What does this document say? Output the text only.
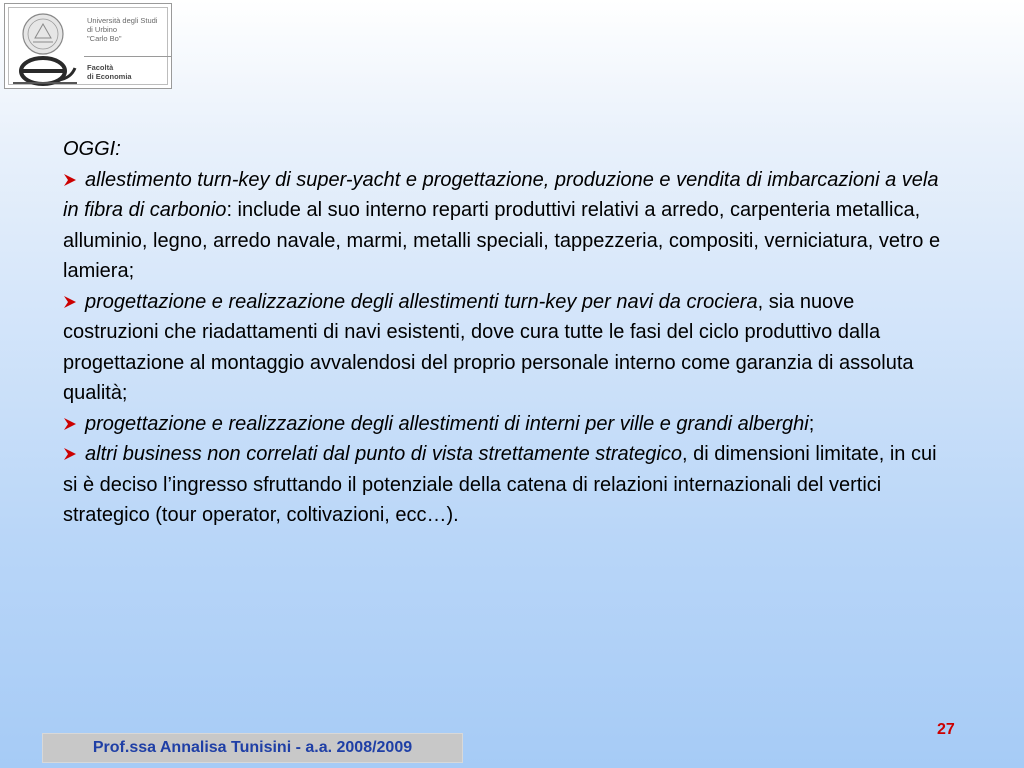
Università degli Studi
di Urbino
"Carlo Bo"
Facoltà
di Economia

OGGI:

allestimento turn-key di super-yacht e progettazione, produzione e vendita di imbarcazioni a vela in fibra di carbonio: include al suo interno reparti produttivi relativi a arredo, carpenteria metallica, alluminio, legno, arredo navale, marmi, metalli speciali, tappezzeria, compositi, verniciatura, vetro e lamiera;

progettazione e realizzazione degli allestimenti turn-key per navi da crociera, sia nuove costruzioni che riadattamenti di navi esistenti, dove cura tutte le fasi del ciclo produttivo dalla progettazione al montaggio avvalendosi del proprio personale interno come garanzia di assoluta qualità;

progettazione e realizzazione degli allestimenti di interni per ville e grandi alberghi;

altri business non correlati dal punto di vista strettamente strategico, di dimensioni limitate, in cui si è deciso l’ingresso sfruttando il potenziale della catena di relazioni internazionali del vertici strategico (tour operator, coltivazioni, ecc…).

27
Prof.ssa Annalisa Tunisini - a.a. 2008/2009
